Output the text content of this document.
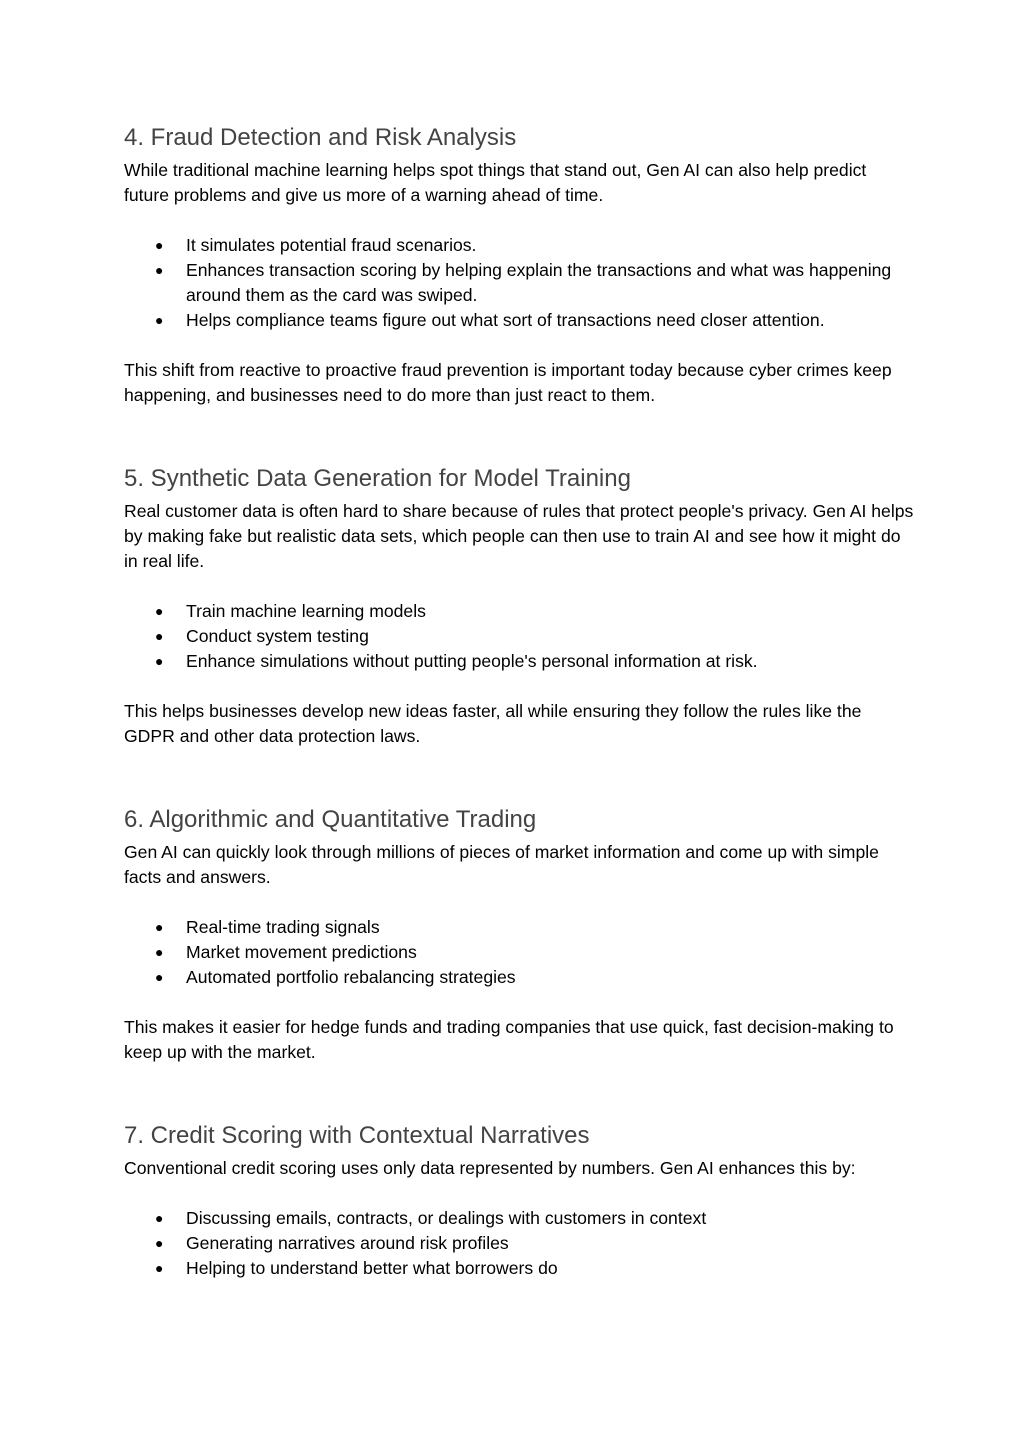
4. Fraud Detection and Risk Analysis

While traditional machine learning helps spot things that stand out, Gen AI can also help predict future problems and give us more of a warning ahead of time.

● It simulates potential fraud scenarios.
● Enhances transaction scoring by helping explain the transactions and what was happening around them as the card was swiped.
● Helps compliance teams figure out what sort of transactions need closer attention.

This shift from reactive to proactive fraud prevention is important today because cyber crimes keep happening, and businesses need to do more than just react to them.

5. Synthetic Data Generation for Model Training

Real customer data is often hard to share because of rules that protect people's privacy. Gen AI helps by making fake but realistic data sets, which people can then use to train AI and see how it might do in real life.

● Train machine learning models
● Conduct system testing
● Enhance simulations without putting people's personal information at risk.

This helps businesses develop new ideas faster, all while ensuring they follow the rules like the GDPR and other data protection laws.

6. Algorithmic and Quantitative Trading

Gen AI can quickly look through millions of pieces of market information and come up with simple facts and answers.

● Real-time trading signals
● Market movement predictions
● Automated portfolio rebalancing strategies

This makes it easier for hedge funds and trading companies that use quick, fast decision-making to keep up with the market.

7. Credit Scoring with Contextual Narratives

Conventional credit scoring uses only data represented by numbers. Gen AI enhances this by:

● Discussing emails, contracts, or dealings with customers in context
● Generating narratives around risk profiles
● Helping to understand better what borrowers do
